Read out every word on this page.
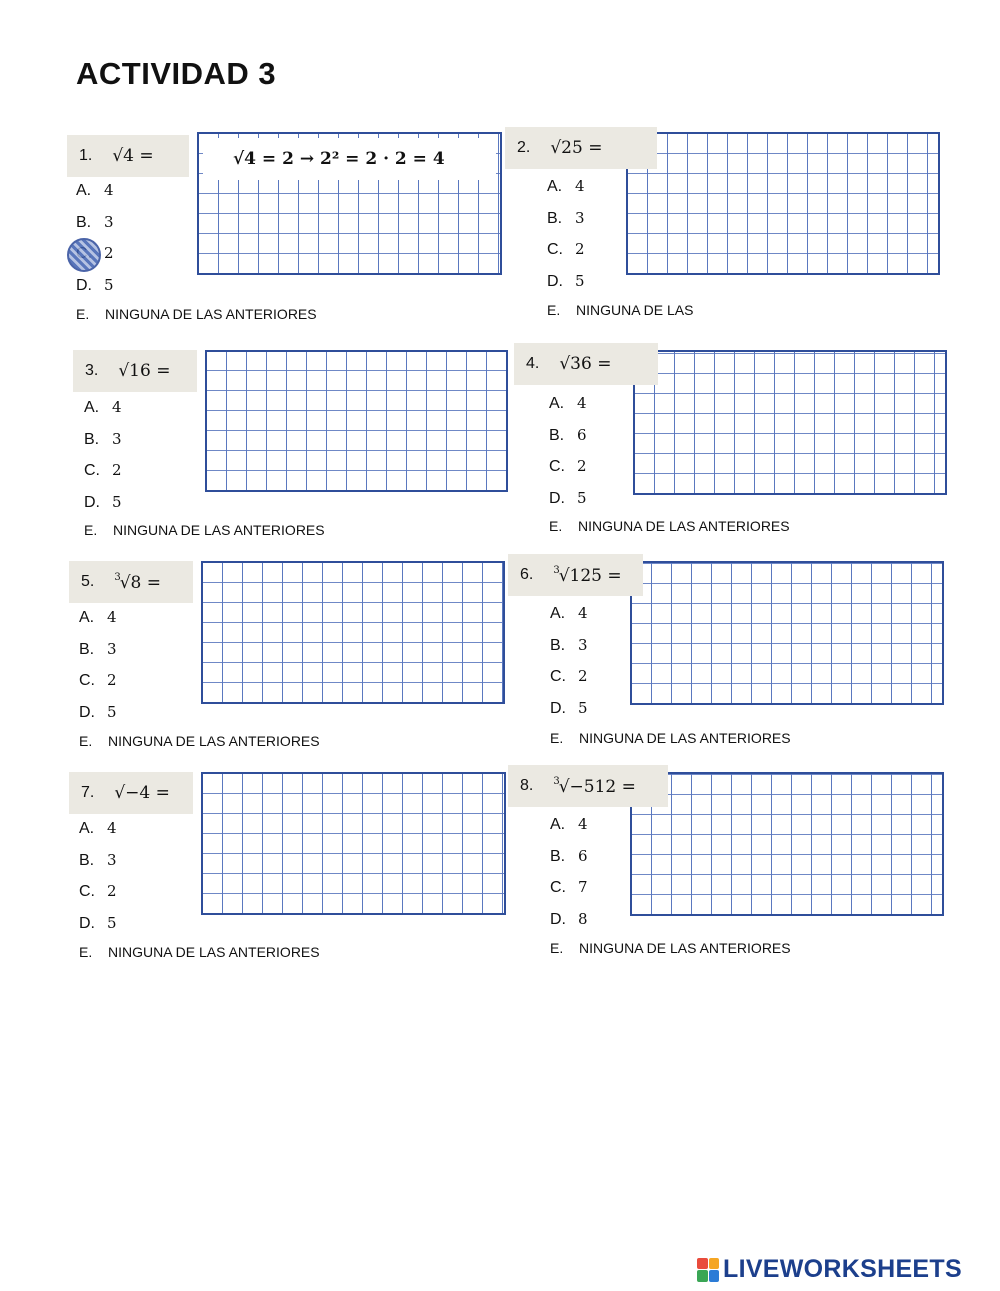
ACTIVIDAD 3
√4 = 2 → 2² = 2 · 2 = 4
1. √4 =
A. 4
B. 3
2
D. 5
E. NINGUNA DE LAS ANTERIORES
2. √25 =
A. 4
B. 3
C. 2
D. 5
E. NINGUNA DE LAS
3. √16 =
A. 4
B. 3
C. 2
D. 5
E. NINGUNA DE LAS ANTERIORES
4. √36 =
A. 4
B. 6
C. 2
D. 5
E. NINGUNA DE LAS ANTERIORES
5. $^3$√8 =
A. 4
B. 3
C. 2
D. 5
E. NINGUNA DE LAS ANTERIORES
6. $^3$√125 =
A. 4
B. 3
C. 2
D. 5
E. NINGUNA DE LAS ANTERIORES
7. √−4 =
A. 4
B. 3
C. 2
D. 5
E. NINGUNA DE LAS ANTERIORES
8. $^3$√−512 =
A. 4
B. 6
C. 7
D. 8
E. NINGUNA DE LAS ANTERIORES
LIVEWORKSHEETS
